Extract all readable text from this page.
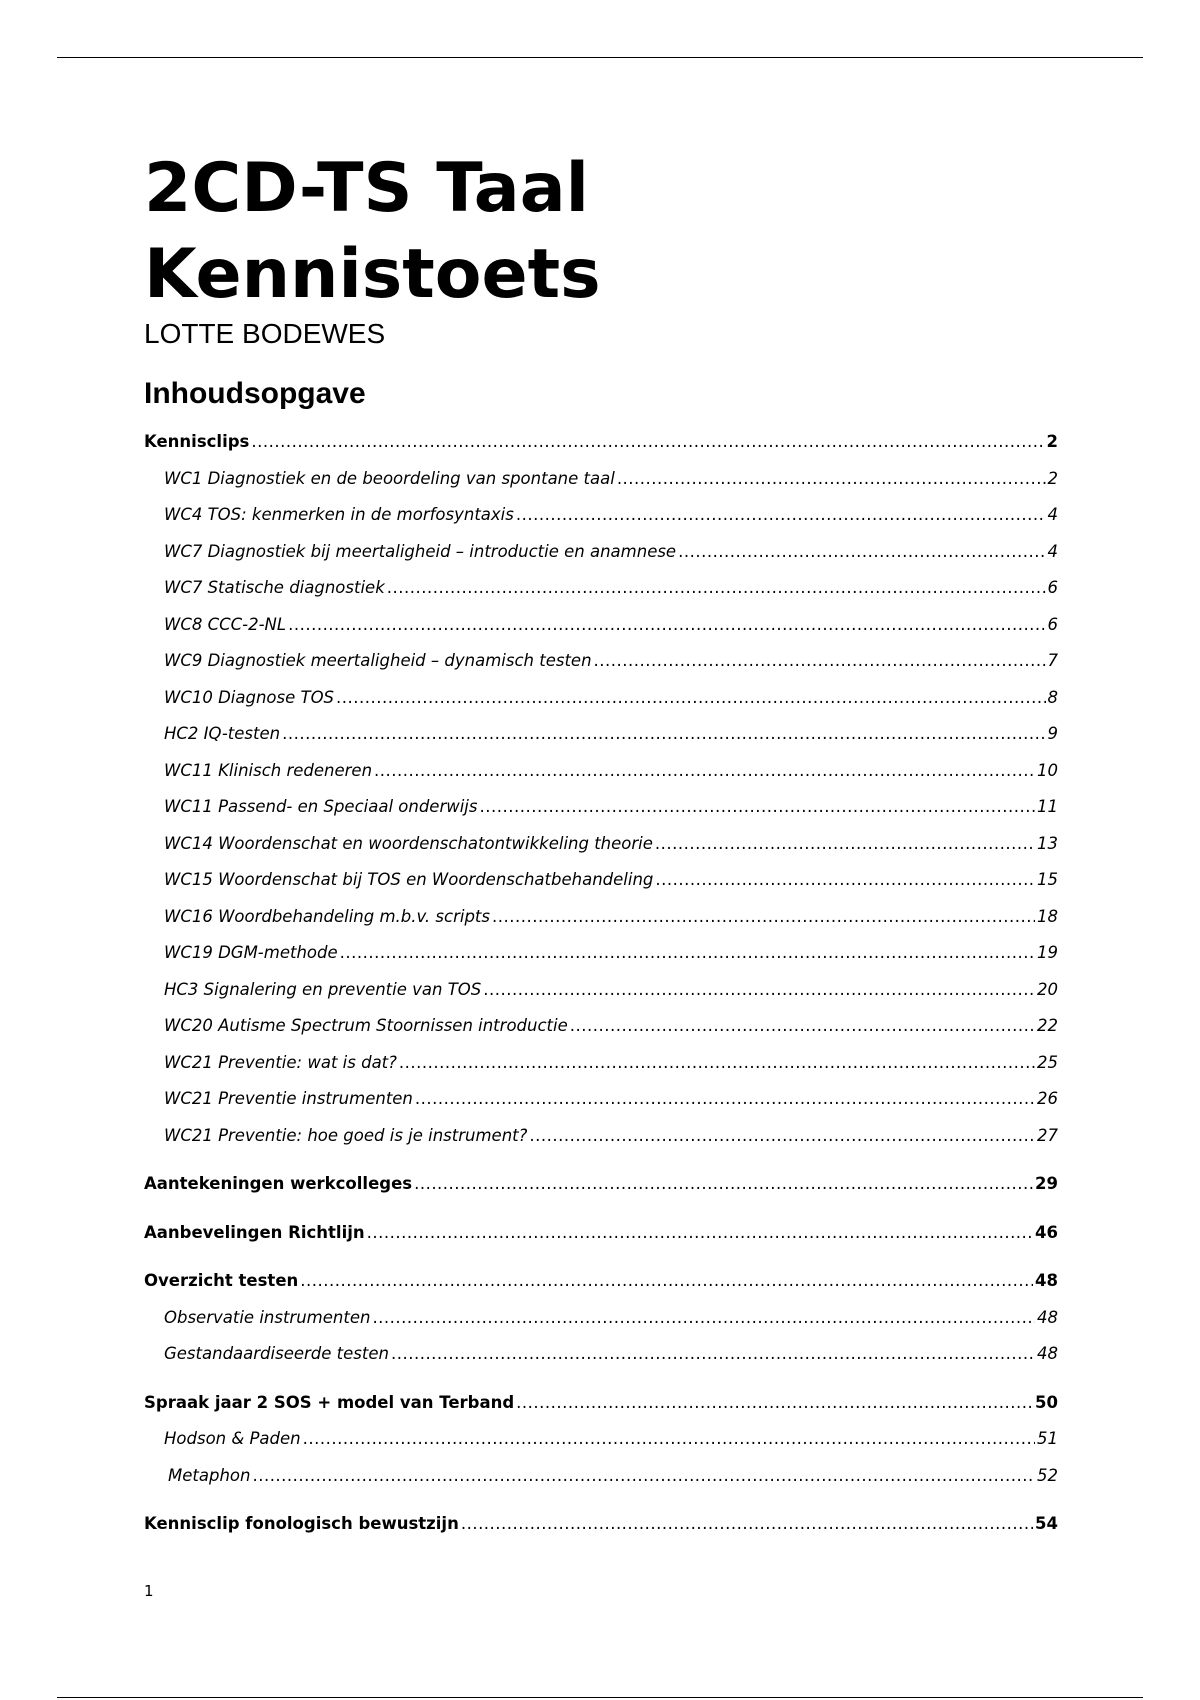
2CD-TS Taal
Kennistoets

LOTTE BODEWES

Inhoudsopgave
Kennisclips .....	2
WC1 Diagnostiek en de beoordeling van spontane taal .....	2
WC4 TOS: kenmerken in de morfosyntaxis .....	4
WC7 Diagnostiek bij meertaligheid – introductie en anamnese .....	4
WC7 Statische diagnostiek .....	6
WC8 CCC-2-NL .....	6
WC9 Diagnostiek meertaligheid – dynamisch testen .....	7
WC10 Diagnose TOS .....	8
HC2 IQ-testen .....	9
WC11 Klinisch redeneren .....	10
WC11 Passend- en Speciaal onderwijs .....	11
WC14 Woordenschat en woordenschatontwikkeling theorie .....	13
WC15 Woordenschat bij TOS en Woordenschatbehandeling .....	15
WC16 Woordbehandeling m.b.v. scripts .....	18
WC19 DGM-methode .....	19
HC3 Signalering en preventie van TOS .....	20
WC20 Autisme Spectrum Stoornissen introductie .....	22
WC21 Preventie: wat is dat? .....	25
WC21 Preventie instrumenten .....	26
WC21 Preventie: hoe goed is je instrument? .....	27
Aantekeningen werkcolleges .....	29
Aanbevelingen Richtlijn .....	46
Overzicht testen .....	48
Observatie instrumenten .....	48
Gestandaardiseerde testen .....	48
Spraak jaar 2 SOS + model van Terband .....	50
Hodson & Paden .....	51
Metaphon .....	52
Kennisclip fonologisch bewustzijn .....	54
1
